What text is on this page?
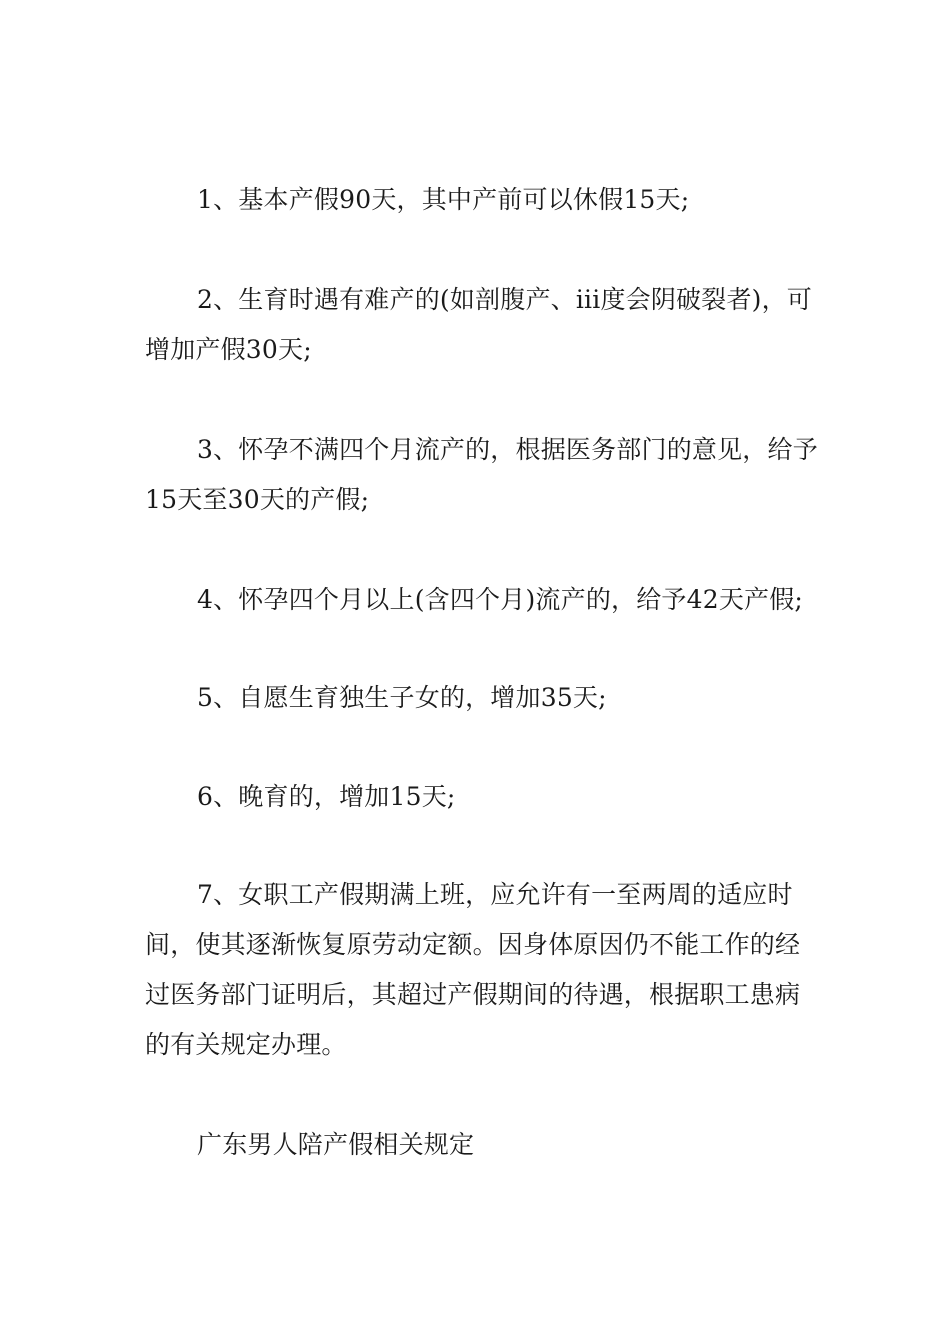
1、基本产假90天，其中产前可以休假15天;

2、生育时遇有难产的(如剖腹产、iii度会阴破裂者)，可增加产假30天;

3、怀孕不满四个月流产的，根据医务部门的意见，给予15天至30天的产假;

4、怀孕四个月以上(含四个月)流产的，给予42天产假;

5、自愿生育独生子女的，增加35天;

6、晚育的，增加15天;

7、女职工产假期满上班，应允许有一至两周的适应时间，使其逐渐恢复原劳动定额。因身体原因仍不能工作的经过医务部门证明后，其超过产假期间的待遇，根据职工患病的有关规定办理。

广东男人陪产假相关规定
